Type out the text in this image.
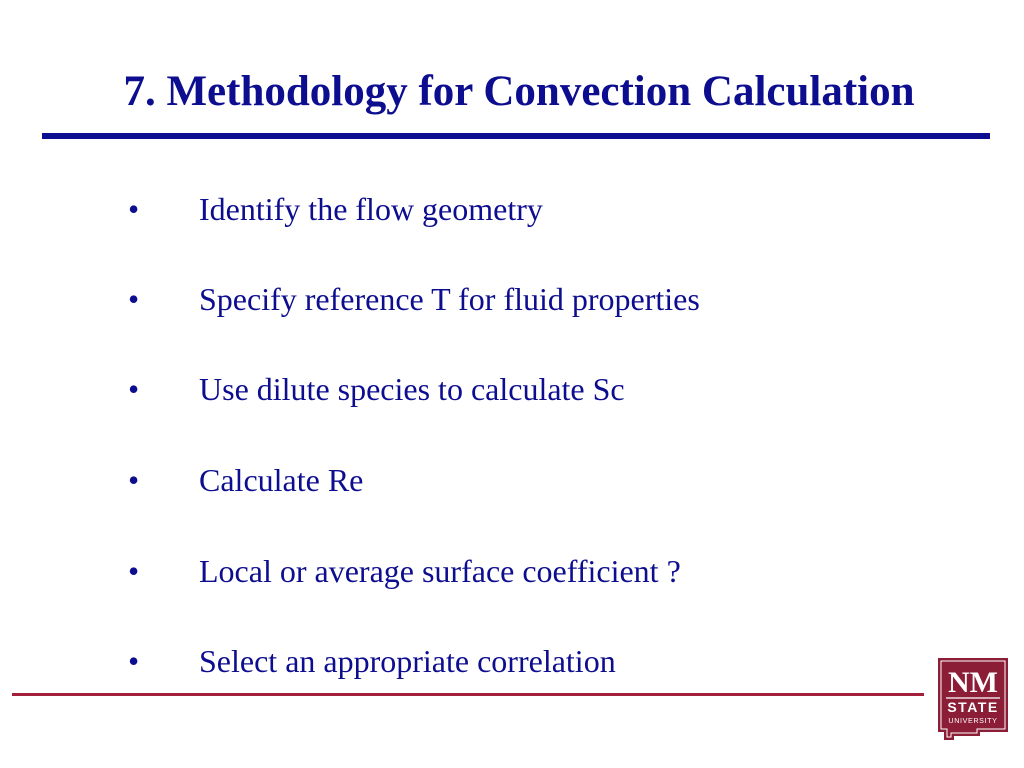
7. Methodology for Convection Calculation
•	Identify the flow geometry
•	Specify reference T for fluid properties
•	Use dilute species to calculate Sc
•	Calculate Re
•	Local or average surface coefficient ?
•	Select an appropriate correlation
NM
STATE
UNIVERSITY
